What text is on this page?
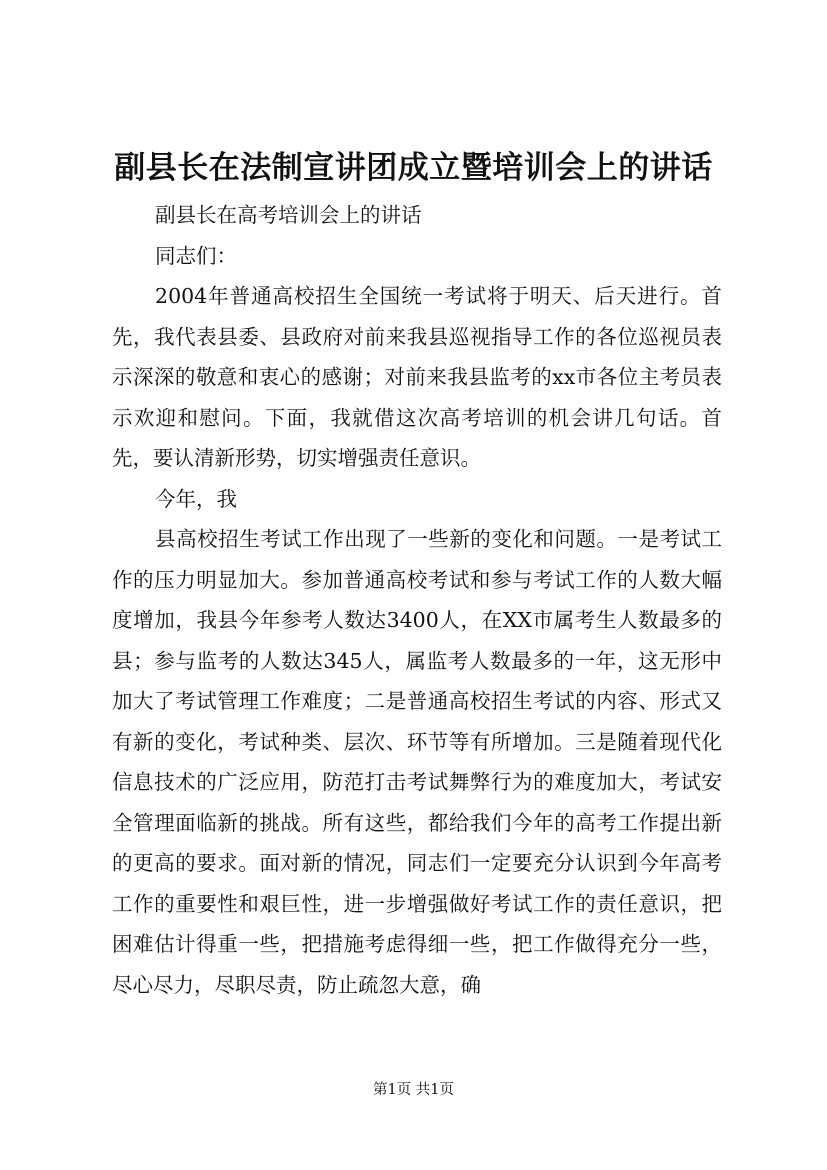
副县长在法制宣讲团成立暨培训会上的讲话

副县长在高考培训会上的讲话

同志们：

2004年普通高校招生全国统一考试将于明天、后天进行。首先，我代表县委、县政府对前来我县巡视指导工作的各位巡视员表示深深的敬意和衷心的感谢；对前来我县监考的xx市各位主考员表示欢迎和慰问。下面，我就借这次高考培训的机会讲几句话。首先，要认清新形势，切实增强责任意识。

今年，我

县高校招生考试工作出现了一些新的变化和问题。一是考试工作的压力明显加大。参加普通高校考试和参与考试工作的人数大幅度增加，我县今年参考人数达3400人，在XX市属考生人数最多的县；参与监考的人数达345人，属监考人数最多的一年，这无形中加大了考试管理工作难度；二是普通高校招生考试的内容、形式又有新的变化，考试种类、层次、环节等有所增加。三是随着现代化信息技术的广泛应用，防范打击考试舞弊行为的难度加大，考试安全管理面临新的挑战。所有这些，都给我们今年的高考工作提出新的更高的要求。面对新的情况，同志们一定要充分认识到今年高考工作的重要性和艰巨性，进一步增强做好考试工作的责任意识，把困难估计得重一些，把措施考虑得细一些，把工作做得充分一些，尽心尽力，尽职尽责，防止疏忽大意，确

第1页 共1页
